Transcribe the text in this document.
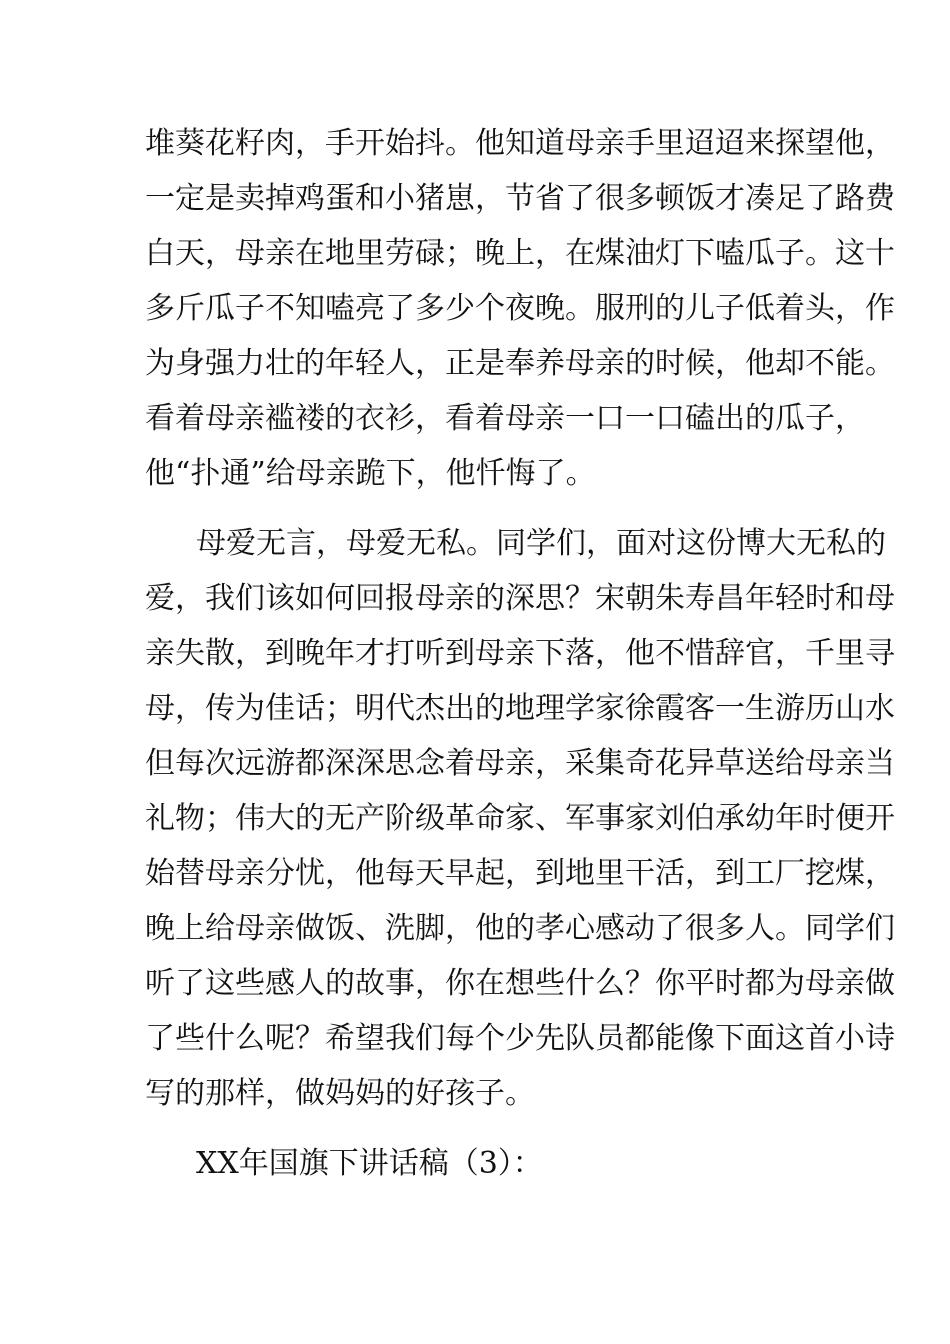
堆葵花籽肉，手开始抖。他知道母亲手里迢迢来探望他，
一定是卖掉鸡蛋和小猪崽，节省了很多顿饭才凑足了路费
白天，母亲在地里劳碌；晚上，在煤油灯下嗑瓜子。这十
多斤瓜子不知嗑亮了多少个夜晚。服刑的儿子低着头，作
为身强力壮的年轻人，正是奉养母亲的时候，他却不能。
看着母亲褴褛的衣衫，看着母亲一口一口磕出的瓜子，
他“扑通”给母亲跪下，他忏悔了。
母爱无言，母爱无私。同学们，面对这份博大无私的
爱，我们该如何回报母亲的深思？宋朝朱寿昌年轻时和母
亲失散，到晚年才打听到母亲下落，他不惜辞官，千里寻
母，传为佳话；明代杰出的地理学家徐霞客一生游历山水
但每次远游都深深思念着母亲，采集奇花异草送给母亲当
礼物；伟大的无产阶级革命家、军事家刘伯承幼年时便开
始替母亲分忧，他每天早起，到地里干活，到工厂挖煤，
晚上给母亲做饭、洗脚，他的孝心感动了很多人。同学们
听了这些感人的故事，你在想些什么？你平时都为母亲做
了些什么呢？希望我们每个少先队员都能像下面这首小诗
写的那样，做妈妈的好孩子。
XX年国旗下讲话稿（3）：
